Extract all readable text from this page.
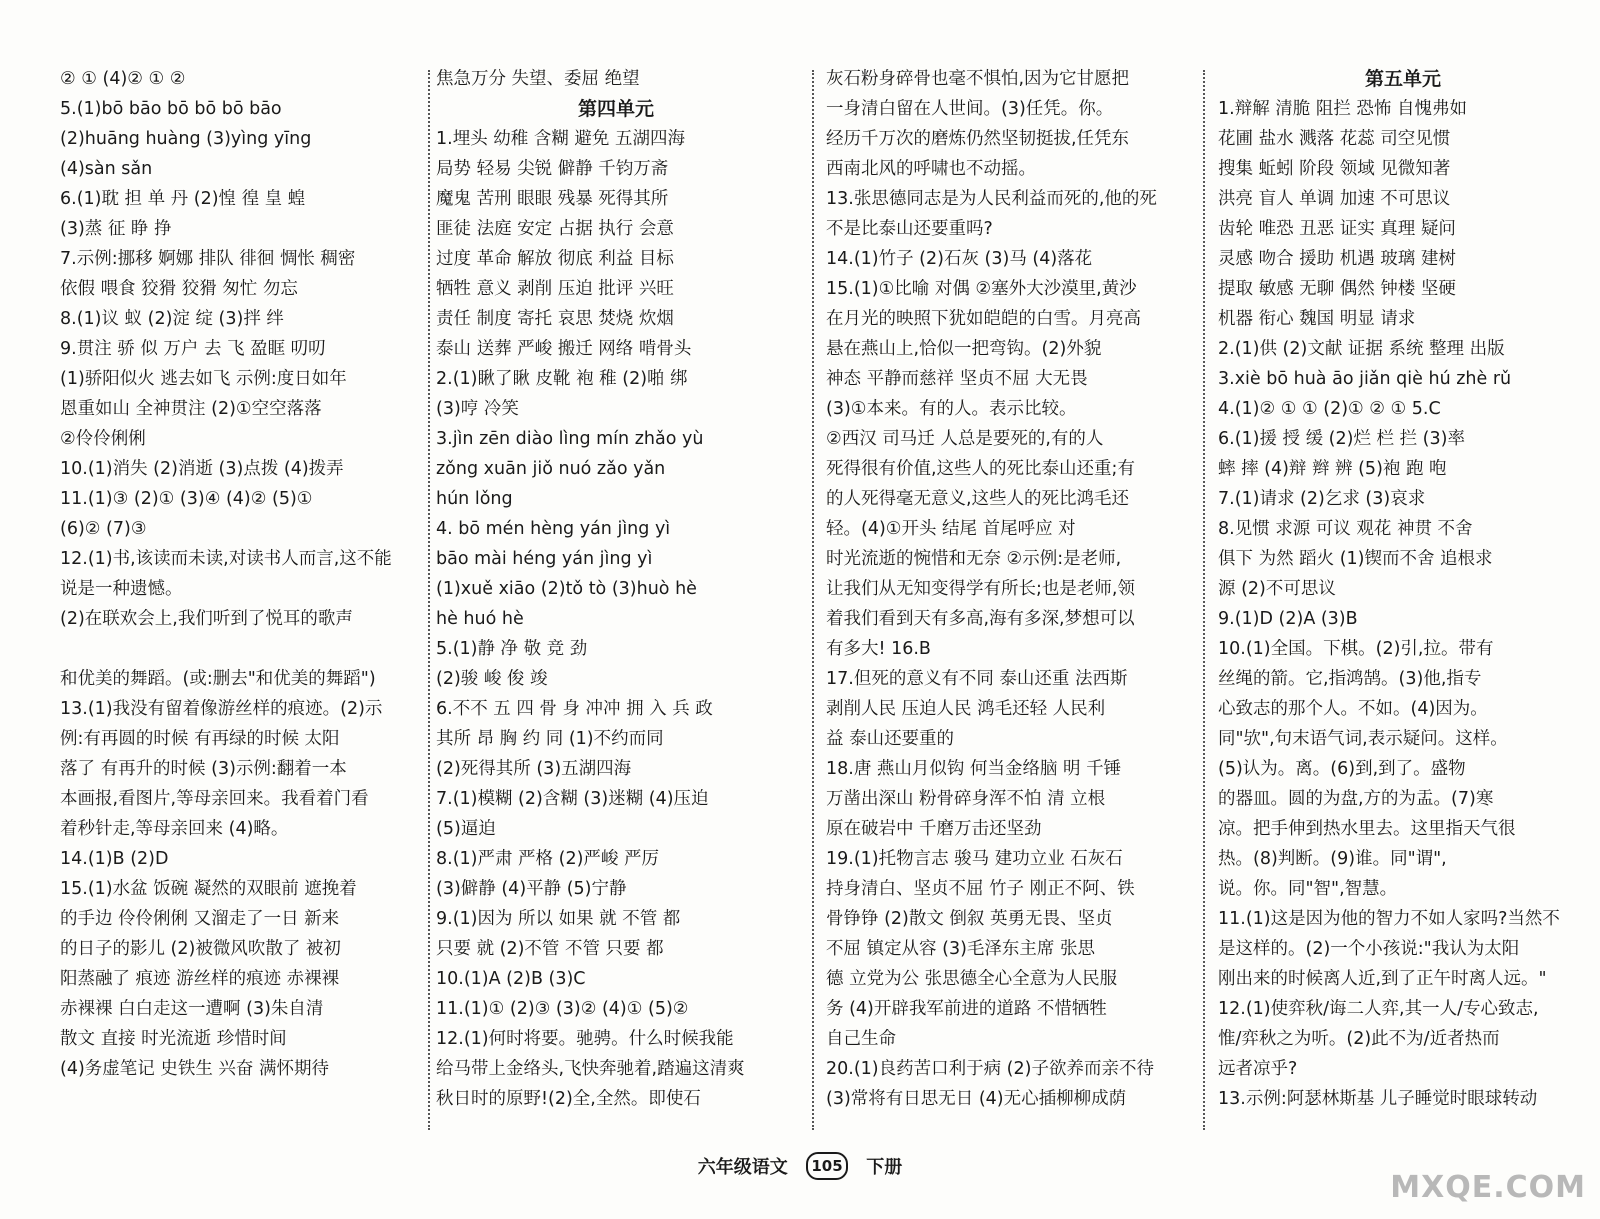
② ① (4)② ① ②
5.(1)bō bāo bō bō bō bāo
(2)huāng huàng (3)yìng yīng
(4)sàn sǎn
6.(1)耽 担 单 丹 (2)惶 徨 皇 蝗
(3)蒸 征 睁 挣
7.示例:挪移 婀娜 排队 徘徊 惆怅 稠密
依假 喂食 狡猾 狡猾 匆忙 勿忘
8.(1)议 蚁 (2)淀 绽 (3)拌 绊
9.贯注 骄 似 万户 去 飞 盈眶 叨叨
(1)骄阳似火 逃去如飞 示例:度日如年
恩重如山 全神贯注 (2)①空空落落
②伶伶俐俐
10.(1)消失 (2)消逝 (3)点拨 (4)拨弄
11.(1)③ (2)① (3)④ (4)② (5)①
(6)② (7)③
12.(1)书,该读而未读,对读书人而言,这不能
说是一种遗憾。
(2)在联欢会上,我们听到了悦耳的歌声
和优美的舞蹈。(或:删去"和优美的舞蹈")
13.(1)我没有留着像游丝样的痕迹。(2)示
例:有再圆的时候 有再绿的时候 太阳
落了 有再升的时候 (3)示例:翻着一本
本画报,看图片,等母亲回来。我看着门看
着秒针走,等母亲回来 (4)略。
14.(1)B (2)D
15.(1)水盆 饭碗 凝然的双眼前 遮挽着
的手边 伶伶俐俐 又溜走了一日 新来
的日子的影儿 (2)被微风吹散了 被初
阳蒸融了 痕迹 游丝样的痕迹 赤裸裸
赤裸裸 白白走这一遭啊 (3)朱自清
散文 直接 时光流逝 珍惜时间
(4)务虚笔记 史铁生 兴奋 满怀期待
焦急万分 失望、委屈 绝望
第四单元
1.埋头 幼稚 含糊 避免 五湖四海
局势 轻易 尖锐 僻静 千钧万斋
魔鬼 苦刑 眼眼 残暴 死得其所
匪徒 法庭 安定 占据 执行 会意
过度 革命 解放 彻底 利益 目标
牺牲 意义 剥削 压迫 批评 兴旺
责任 制度 寄托 哀思 焚烧 炊烟
泰山 送葬 严峻 搬迁 网络 啃骨头
2.(1)瞅了瞅 皮靴 袍 稚 (2)啪 绑
(3)哼 冷笑
3.jìn zēn diào lìng mín zhǎo yù
zǒng xuān jiǒ nuó zǎo yǎn
hún lǒng
4. bō mén hèng yán jìng yì
bāo mài héng yán jìng yì
(1)xuě xiāo (2)tǒ tò (3)huò hè
hè huó hè
5.(1)静 净 敬 竞 劲
(2)骏 峻 俊 竣
6.不不 五 四 骨 身 冲冲 拥 入 兵 政
其所 昂 胸 约 同 (1)不约而同
(2)死得其所 (3)五湖四海
7.(1)模糊 (2)含糊 (3)迷糊 (4)压迫
(5)逼迫
8.(1)严肃 严格 (2)严峻 严厉
(3)僻静 (4)平静 (5)宁静
9.(1)因为 所以 如果 就 不管 都
只要 就 (2)不管 不管 只要 都
10.(1)A (2)B (3)C
11.(1)① (2)③ (3)② (4)① (5)②
12.(1)何时将要。驰骋。什么时候我能
给马带上金络头,飞快奔驰着,踏遍这清爽
秋日时的原野!(2)全,全然。即使石
灰石粉身碎骨也毫不惧怕,因为它甘愿把
一身清白留在人世间。(3)任凭。你。
经历千万次的磨炼仍然坚韧挺拔,任凭东
西南北风的呼啸也不动摇。
13.张思德同志是为人民利益而死的,他的死
不是比泰山还要重吗?
14.(1)竹子 (2)石灰 (3)马 (4)落花
15.(1)①比喻 对偶 ②塞外大沙漠里,黄沙
在月光的映照下犹如皑皑的白雪。月亮高
悬在燕山上,恰似一把弯钩。(2)外貌
神态 平静而慈祥 坚贞不屈 大无畏
(3)①本来。有的人。表示比较。
②西汉 司马迁 人总是要死的,有的人
死得很有价值,这些人的死比泰山还重;有
的人死得毫无意义,这些人的死比鸿毛还
轻。(4)①开头 结尾 首尾呼应 对
时光流逝的惋惜和无奈 ②示例:是老师,
让我们从无知变得学有所长;也是老师,领
着我们看到天有多高,海有多深,梦想可以
有多大! 16.B
17.但死的意义有不同 泰山还重 法西斯
剥削人民 压迫人民 鸿毛还轻 人民利
益 泰山还要重的
18.唐 燕山月似钩 何当金络脑 明 千锤
万凿出深山 粉骨碎身浑不怕 清 立根
原在破岩中 千磨万击还坚劲
19.(1)托物言志 骏马 建功立业 石灰石
持身清白、坚贞不屈 竹子 刚正不阿、铁
骨铮铮 (2)散文 倒叙 英勇无畏、坚贞
不屈 镇定从容 (3)毛泽东主席 张思
德 立党为公 张思德全心全意为人民服
务 (4)开辟我军前进的道路 不惜牺牲
自己生命
20.(1)良药苦口利于病 (2)子欲养而亲不待
(3)常将有日思无日 (4)无心插柳柳成荫
第五单元
1.辩解 清脆 阻拦 恐怖 自愧弗如
花圃 盐水 溅落 花蕊 司空见惯
搜集 蚯蚓 阶段 领域 见微知著
洪亮 盲人 单调 加速 不可思议
齿轮 唯恐 丑恶 证实 真理 疑问
灵感 吻合 援助 机遇 玻璃 建树
提取 敏感 无聊 偶然 钟楼 坚硬
机器 衔心 魏国 明显 请求
2.(1)供 (2)文献 证据 系统 整理 出版
3.xiè bō huà āo jiǎn qiè hú zhè rǔ
4.(1)② ① ① (2)① ② ① 5.C
6.(1)援 授 缓 (2)烂 栏 拦 (3)率
蟀 摔 (4)辩 辫 辨 (5)袍 跑 咆
7.(1)请求 (2)乞求 (3)哀求
8.见惯 求源 可议 观花 神贯 不舍
俱下 为然 蹈火 (1)锲而不舍 追根求
源 (2)不可思议
9.(1)D (2)A (3)B
10.(1)全国。下棋。(2)引,拉。带有
丝绳的箭。它,指鸿鹄。(3)他,指专
心致志的那个人。不如。(4)因为。
同"欤",句末语气词,表示疑问。这样。
(5)认为。离。(6)到,到了。盛物
的器皿。圆的为盘,方的为盂。(7)寒
凉。把手伸到热水里去。这里指天气很
热。(8)判断。(9)谁。同"谓",
说。你。同"智",智慧。
11.(1)这是因为他的智力不如人家吗?当然不
是这样的。(2)一个小孩说:"我认为太阳
刚出来的时候离人近,到了正午时离人远。"
12.(1)使弈秋/诲二人弈,其一人/专心致志,
惟/弈秋之为听。(2)此不为/近者热而
远者凉乎?
13.示例:阿瑟林斯基 儿子睡觉时眼球转动
六年级语文 105 下册
MXQE.COM
